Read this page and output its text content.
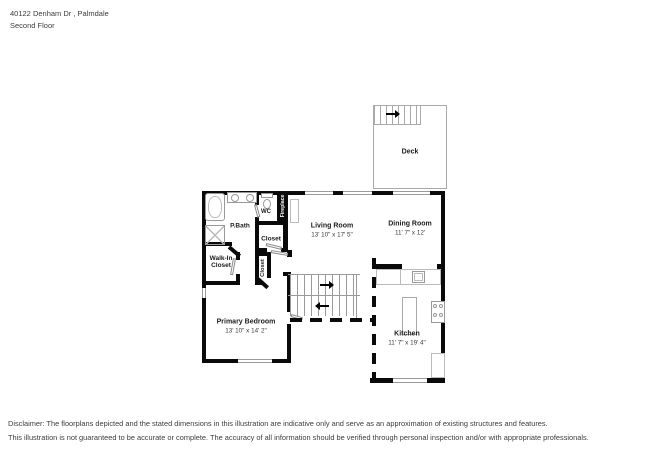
40122 Denham Dr , Palmdale
Second Floor
Deck
Fireplace
P.Bath
WC
Closet
Closet
Walk-In Closet
Living Room
13' 10" x 17' 5"
Dining Room
11' 7" x 12'
Primary Bedroom
13' 10" x 14' 2"	Kitchen
11' 7" x 19' 4"
Disclaimer: The floorplans depicted and the stated dimensions in this illustration are indicative only and serve as an approximation of existing structures and features.
This illustration is not guaranteed to be accurate or complete. The accuracy of all information should be verified through personal inspection and/or with appropriate professionals.
